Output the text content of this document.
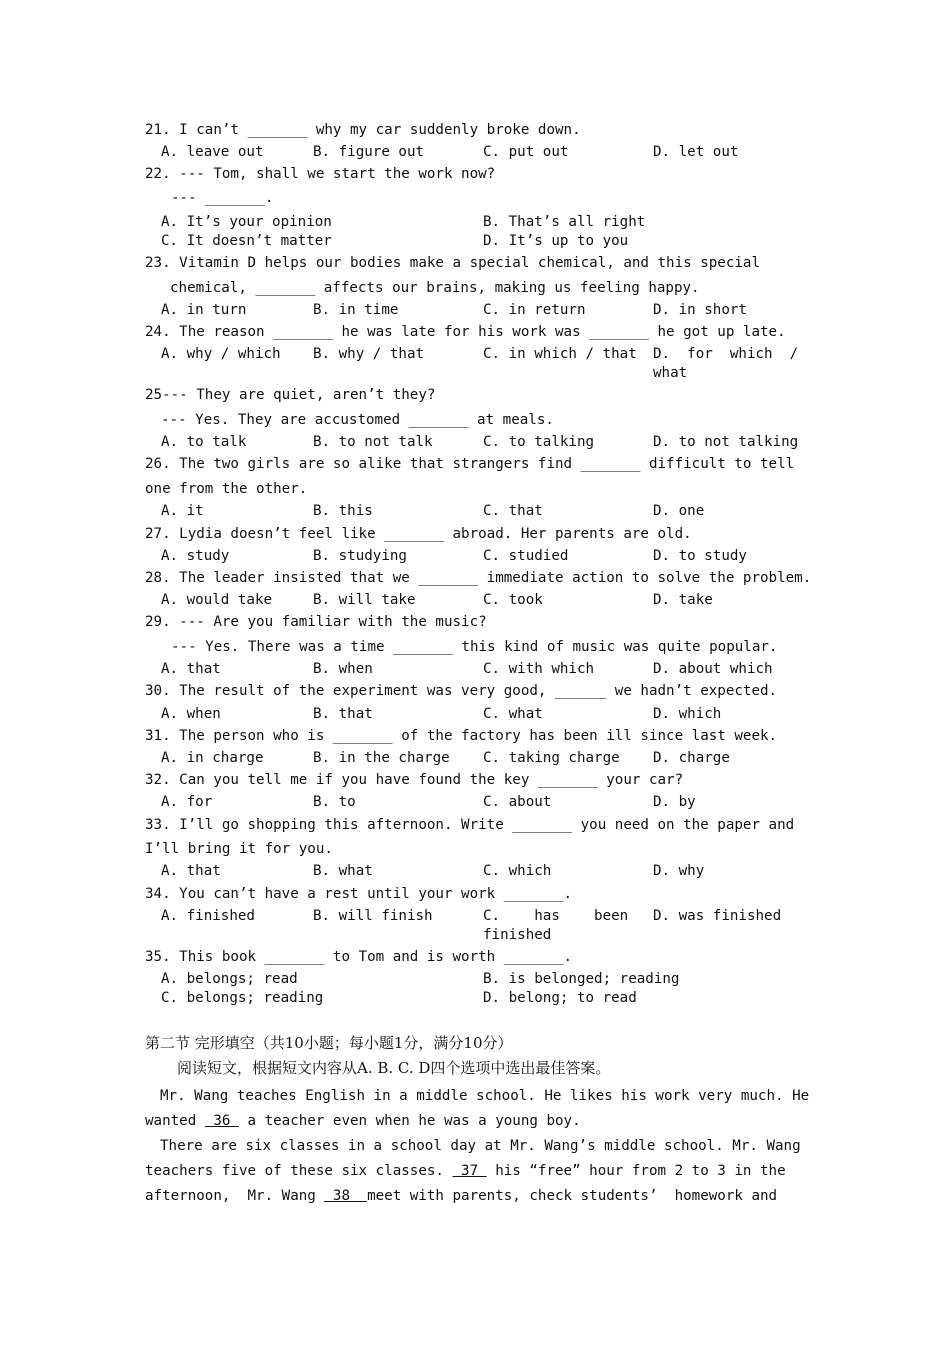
21. I can’t _______ why my car suddenly broke down.
A. leave out	B. figure out	C. put out	D. let out
22. --- Tom, shall we start the work now?
--- _______.
A. It’s your opinion	B. That’s all right
C. It doesn’t matter	D. It’s up to you
23. Vitamin D helps our bodies make a special chemical, and this special
chemical, _______ affects our brains, making us feeling happy.
A. in turn	B. in time	C. in return	D. in short
24. The reason _______ he was late for his work was _______ he got up late.
A. why / which B. why / that	C. in which / that D.  for  which  /
what
25--- They are quiet, aren’t they?
--- Yes. They are accustomed _______ at meals.
A. to talk	B. to not talk	C. to talking	D. to not talking
26. The two girls are so alike that strangers find _______ difficult to tell
one from the other.
A. it	B. this	C. that	D. one
27. Lydia doesn’t feel like _______ abroad. Her parents are old.
A. study	B. studying	C. studied	D. to study
28. The leader insisted that we _______ immediate action to solve the problem.
A. would take	B. will take	C. took	D. take
29. --- Are you familiar with the music?
--- Yes. There was a time _______ this kind of music was quite popular.
A. that	B. when	C. with which	D. about which
30. The result of the experiment was very good, ______ we hadn’t expected.
A. when	B. that	C. what	D. which
31. The person who is _______ of the factory has been ill since last week.
A. in charge	B. in the charge C. taking charge D. charge
32. Can you tell me if you have found the key _______ your car?
A. for	B. to	C. about	D. by
33. I’ll go shopping this afternoon. Write _______ you need on the paper and
I’ll bring it for you.
A. that	B. what	C. which	D. why
34. You can’t have a rest until your work _______.
A. finished	B. will finish	C.    has    been
finished
D. was finished
35. This book _______ to Tom and is worth _______.
A. belongs; read	B. is belonged; reading
C. belongs; reading	D. belong; to read
第二节 完形填空（共10小题；每小题1分，满分10分）
阅读短文，根据短文内容从A. B. C. D四个选项中选出最佳答案。
Mr. Wang teaches English in a middle school. He likes his work very much. He
wanted  36  a teacher even when he was a young boy.
There are six classes in a school day at Mr. Wang’s middle school. Mr. Wang
teachers five of these six classes.  37  his “free” hour from 2 to 3 in the
afternoon,  Mr. Wang  38  meet with parents, check students’  homework and
